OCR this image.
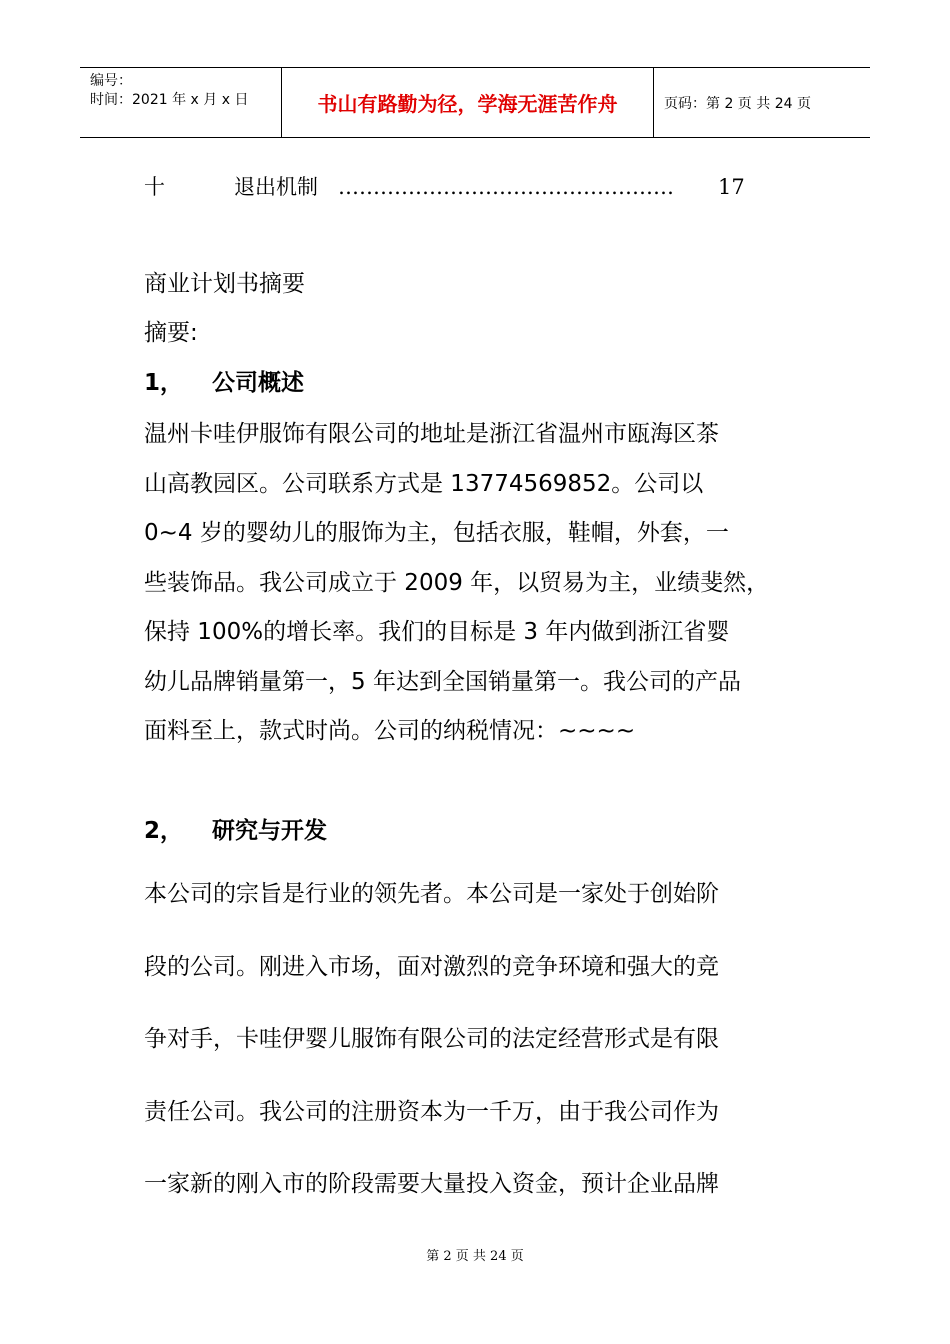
编号：
时间：2021 年 x 月 x 日	书山有路勤为径，学海无涯苦作舟	页码：第 2 页 共 24 页
十	退出机制 ………………………………………… 17
商业计划书摘要
摘要:
1， 公司概述
温州卡哇伊服饰有限公司的地址是浙江省温州市瓯海区茶
山高教园区。公司联系方式是 13774569852。公司以
0~4 岁的婴幼儿的服饰为主，包括衣服，鞋帽，外套，一
些装饰品。我公司成立于 2009 年，以贸易为主，业绩斐然，
保持 100%的增长率。我们的目标是 3 年内做到浙江省婴
幼儿品牌销量第一，5 年达到全国销量第一。我公司的产品
面料至上，款式时尚。公司的纳税情况：~~~~
2， 研究与开发
本公司的宗旨是行业的领先者。本公司是一家处于创始阶
段的公司。刚进入市场，面对激烈的竞争环境和强大的竞
争对手，卡哇伊婴儿服饰有限公司的法定经营形式是有限
责任公司。我公司的注册资本为一千万，由于我公司作为
一家新的刚入市的阶段需要大量投入资金，预计企业品牌
第 2 页 共 24 页
